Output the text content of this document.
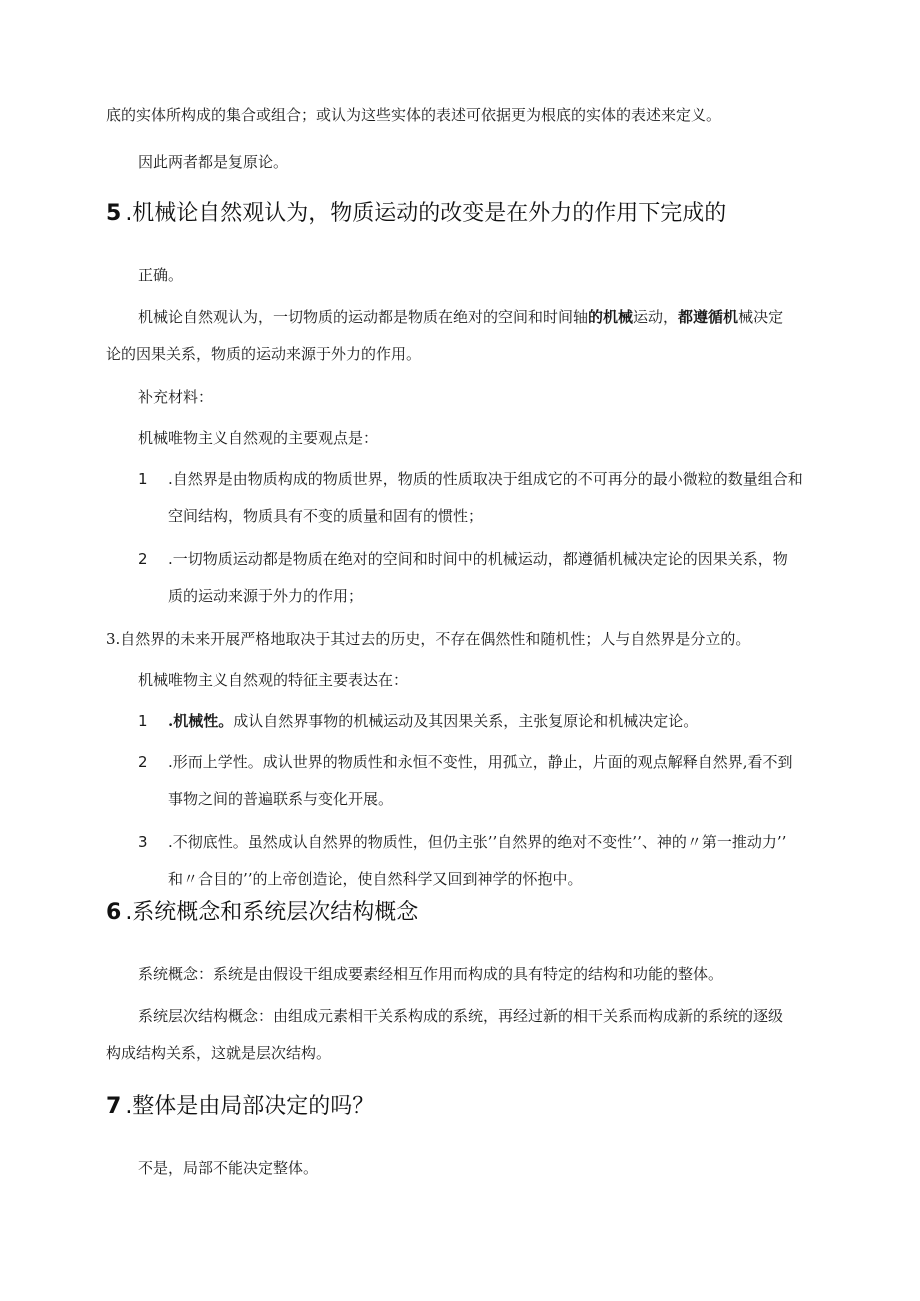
底的实体所构成的集合或组合；或认为这些实体的表述可依据更为根底的实体的表述来定义。
因此两者都是复原论。
5 .机械论自然观认为，物质运动的改变是在外力的作用下完成的
正确。
机械论自然观认为，一切物质的运动都是物质在绝对的空间和时间轴的机械运动，都遵循机械决定
论的因果关系，物质的运动来源于外力的作用。
补充材料：
机械唯物主义自然观的主要观点是：
1 .自然界是由物质构成的物质世界，物质的性质取决于组成它的不可再分的最小微粒的数量组合和
空间结构，物质具有不变的质量和固有的惯性；
2 .一切物质运动都是物质在绝对的空间和时间中的机械运动，都遵循机械决定论的因果关系，物
质的运动来源于外力的作用；
3.自然界的未来开展严格地取决于其过去的历史，不存在偶然性和随机性；人与自然界是分立的。
机械唯物主义自然观的特征主要表达在：
1 .机械性。成认自然界事物的机械运动及其因果关系，主张复原论和机械决定论。
2 .形而上学性。成认世界的物质性和永恒不变性，用孤立，静止，片面的观点解释自然界,看不到
事物之间的普遍联系与变化开展。
3 .不彻底性。虽然成认自然界的物质性，但仍主张’’自然界的绝对不变性’’、神的〃第一推动力’’
和〃合目的’’的上帝创造论，使自然科学又回到神学的怀抱中。
6 .系统概念和系统层次结构概念
系统概念：系统是由假设干组成要素经相互作用而构成的具有特定的结构和功能的整体。
系统层次结构概念：由组成元素相干关系构成的系统，再经过新的相干关系而构成新的系统的逐级
构成结构关系，这就是层次结构。
7 .整体是由局部决定的吗？
不是，局部不能决定整体。
